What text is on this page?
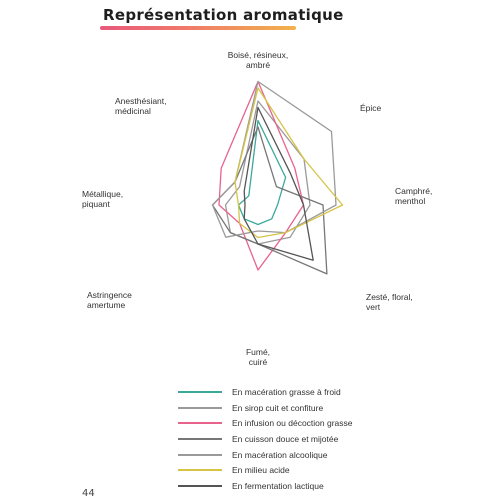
Représentation aromatique
Boisé, résineux, ambré
Épice
Camphré, menthol
Zesté, floral, vert
Fumé, cuiré
Astringence amertume
Métallique, piquant
Anesthésiant, médicinal
En macération grasse à froid
En sirop cuit et confiture
En infusion ou décoction grasse
En cuisson douce et mijotée
En macération alcoolique
En milieu acide
En fermentation lactique
44
